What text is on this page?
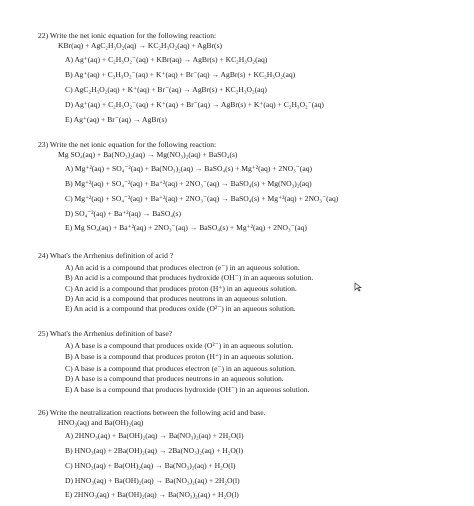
22) Write the net ionic equation for the following reaction:
KBr(aq) + AgC₂H₃O₂(aq) → KC₂H₃O₂(aq) + AgBr(s)
A) Ag⁺(aq) + C₂H₃O₂⁻(aq) + KBr(aq) → AgBr(s) + KC₂H₃O₂(aq)
B) Ag⁺(aq) + C₂H₃O₂⁻(aq) + K⁺(aq) + Br⁻(aq) → AgBr(s) + KC₂H₃O₂(aq)
C) AgC₂H₃O₂(aq) + K⁺(aq) + Br⁻(aq) → AgBr(s) + KC₂H₃O₂(aq)
D) Ag⁺(aq) + C₂H₃O₂⁻(aq) + K⁺(aq) + Br⁻(aq) → AgBr(s) + K⁺(aq) + C₂H₃O₂⁻(aq)
E) Ag⁺(aq) + Br⁻(aq) → AgBr(s)
23) Write the net ionic equation for the following reaction:
Mg SO₄(aq) + Ba(NO₃)₂(aq) → Mg(NO₃)₂(aq) + BaSO₄(s)
A) Mg⁺²(aq) + SO₄⁻²(aq) + Ba(NO₃)₂(aq) → BaSO₄(s) + Mg⁺²(aq) + 2NO₃⁻(aq)
B) Mg⁺²(aq) + SO₄⁻²(aq) + Ba⁺²(aq) + 2NO₃⁻(aq) → BaSO₄(s) + Mg(NO₃)₂(aq)
C) Mg⁺²(aq) + SO₄⁻²(aq) + Ba⁺²(aq) + 2NO₃⁻(aq) → BaSO₄(s) + Mg⁺²(aq) + 2NO₃⁻(aq)
D) SO₄⁻²(aq) + Ba⁺²(aq) → BaSO₄(s)
E) Mg SO₄(aq) + Ba⁺²(aq) + 2NO₃⁻(aq) → BaSO₄(s) + Mg⁺²(aq) + 2NO₃⁻(aq)
24) What's the Arrhenius definition of acid ?
A) An acid is a compound that produces electron (e⁻) in an aqueous solution.
B) An acid is a compound that produces hydroxide (OH⁻) in an aqueous solution.
C) An acid is a compound that produces proton (H⁺) in an aqueous solution.
D) An acid is a compound that produces neutrons in an aqueous solution.
E) An acid is a compound that produces oxide (O²⁻) in an aqueous solution.
25) What's the Arrhenius definition of base?
A) A base is a compound that produces oxide (O²⁻) in an aqueous solution.
B) A base is a compound that produces proton (H⁺) in an aqueous solution.
C) A base is a compound that produces electron (e⁻) in an aqueous solution.
D) A base is a compound that produces neutrons in an aqueous solution.
E) A base is a compound that produces hydroxide (OH⁻) in an aqueous solution.
26) Write the neutralization reactions between the following acid and base.
HNO₃(aq) and Ba(OH)₂(aq)
A) 2HNO₃(aq) + Ba(OH)₂(aq) → Ba(NO₃)₂(aq) + 2H₂O(l)
B) HNO₃(aq) + 2Ba(OH)₂(aq) → 2Ba(NO₃)₂(aq) + H₂O(l)
C) HNO₃(aq) + Ba(OH)₂(aq) → Ba(NO₃)₂(aq) + H₂O(l)
D) HNO₃(aq) + Ba(OH)₂(aq) → Ba(NO₃)₂(aq) + 2H₂O(l)
E) 2HNO₃(aq) + Ba(OH)₂(aq) → Ba(NO₃)₂(aq) + H₂O(l)
